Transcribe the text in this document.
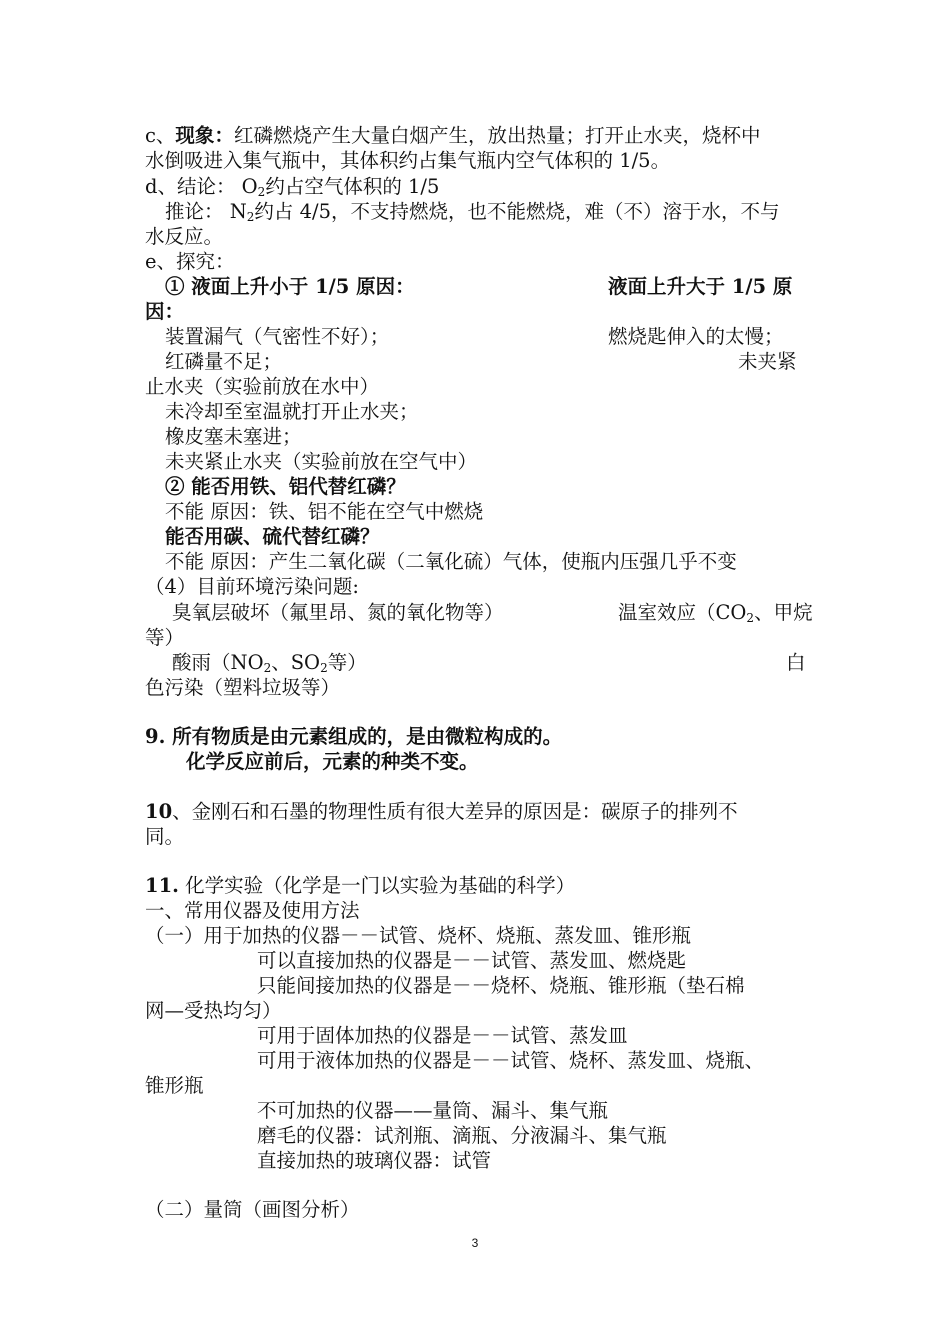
c、现象：红磷燃烧产生大量白烟产生，放出热量；打开止水夹，烧杯中
水倒吸进入集气瓶中，其体积约占集气瓶内空气体积的 1/5。
d、结论： $O_2$约占空气体积的 1/5
推论： $N_2$约占 4/5，不支持燃烧，也不能燃烧，难（不）溶于水，不与
水反应。
e、探究：
① 液面上升小于 1/5 原因：	液面上升大于 1/5 原
因：
装置漏气（气密性不好）；	燃烧匙伸入的太慢；
红磷量不足；	未夹紧
止水夹（实验前放在水中）
未冷却至室温就打开止水夹；
橡皮塞未塞进；
未夹紧止水夹（实验前放在空气中）
② 能否用铁、铝代替红磷？
不能 原因：铁、铝不能在空气中燃烧
能否用碳、硫代替红磷？
不能 原因：产生二氧化碳（二氧化硫）气体，使瓶内压强几乎不变
（4）目前环境污染问题:
臭氧层破坏（氟里昂、氮的氧化物等）	温室效应（$CO_2$、甲烷
等）
酸雨（$NO_2$、$SO_2$等）	白
色污染（塑料垃圾等）
9. 所有物质是由元素组成的，是由微粒构成的。
化学反应前后，元素的种类不变。
10、金刚石和石墨的物理性质有很大差异的原因是：碳原子的排列不
同。
11. 化学实验（化学是一门以实验为基础的科学）
一、常用仪器及使用方法
（一）用于加热的仪器－－试管、烧杯、烧瓶、蒸发皿、锥形瓶
可以直接加热的仪器是－－试管、蒸发皿、燃烧匙
只能间接加热的仪器是－－烧杯、烧瓶、锥形瓶（垫石棉
网—受热均匀）
可用于固体加热的仪器是－－试管、蒸发皿
可用于液体加热的仪器是－－试管、烧杯、蒸发皿、烧瓶、
锥形瓶
不可加热的仪器——量筒、漏斗、集气瓶
磨毛的仪器：试剂瓶、滴瓶、分液漏斗、集气瓶
直接加热的玻璃仪器：试管
（二）量筒（画图分析）
3
